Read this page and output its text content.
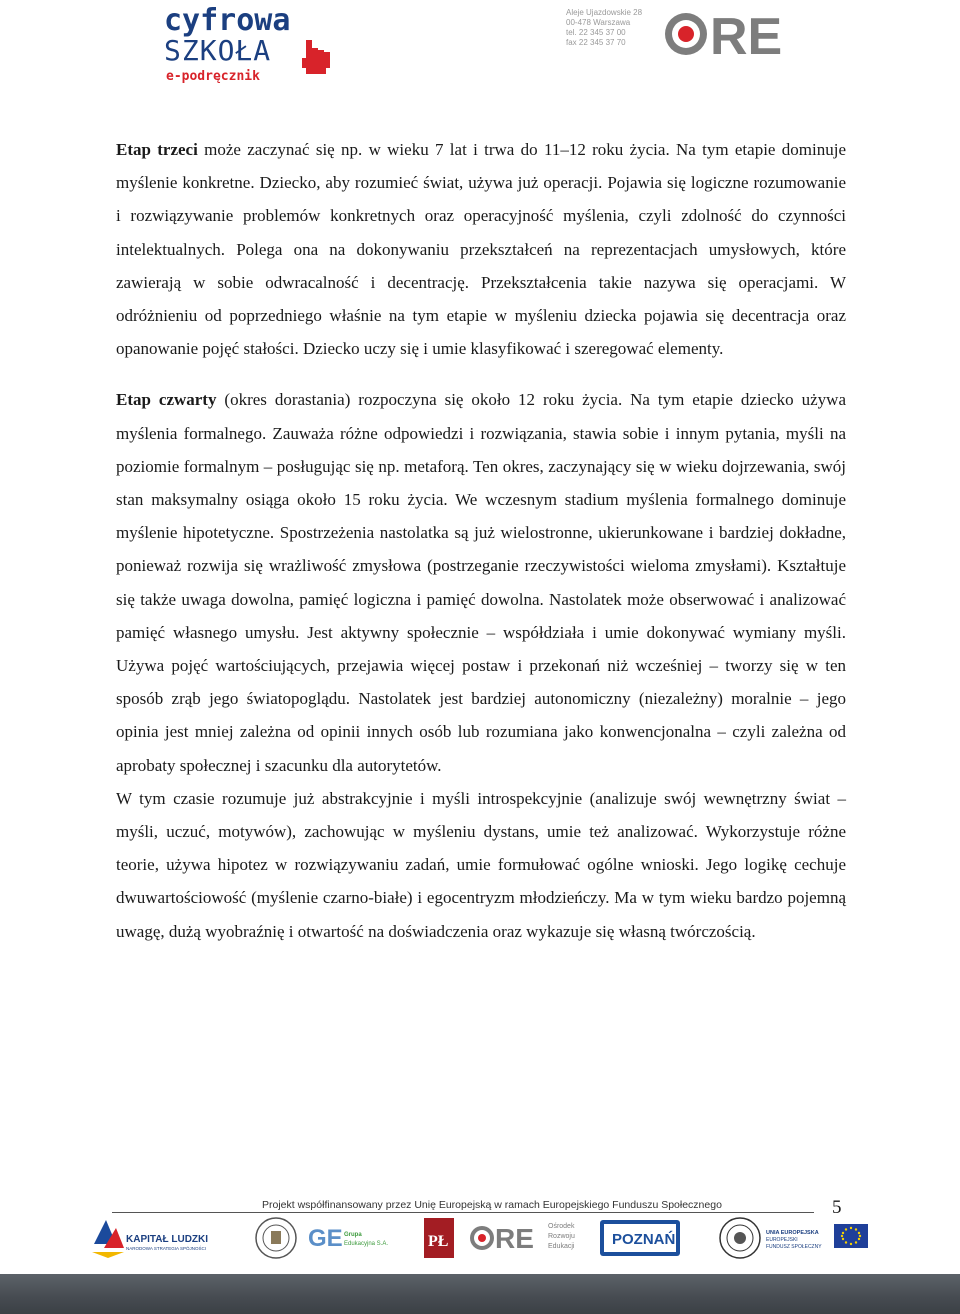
cyfrowa
SZKOŁA
e-podręcznik
Aleje Ujazdowskie 28
00-478 Warszawa
tel. 22 345 37 00
fax 22 345 37 70	RE

Etap trzeci może zaczynać się np. w wieku 7 lat i trwa do 11–12 roku życia. Na tym etapie dominuje myślenie konkretne. Dziecko, aby rozumieć świat, używa już operacji. Pojawia się logiczne rozumowanie i rozwiązywanie problemów konkretnych oraz operacyjność myślenia, czyli zdolność do czynności intelektualnych. Polega ona na dokonywaniu przekształceń na reprezentacjach umysłowych, które zawierają w sobie odwracalność i decentrację. Przekształcenia takie nazywa się operacjami. W odróżnieniu od poprzedniego właśnie na tym etapie w myśleniu dziecka pojawia się decentracja oraz opanowanie pojęć stałości. Dziecko uczy się i umie klasyfikować i szeregować elementy.

Etap czwarty (okres dorastania) rozpoczyna się około 12 roku życia. Na tym etapie dziecko używa myślenia formalnego. Zauważa różne odpowiedzi i rozwiązania, stawia sobie i innym pytania, myśli na poziomie formalnym – posługując się np. metaforą. Ten okres, zaczynający się w wieku dojrzewania, swój stan maksymalny osiąga około 15 roku życia. We wczesnym stadium myślenia formalnego dominuje myślenie hipotetyczne. Spostrzeżenia nastolatka są już wielostronne, ukierunkowane i bardziej dokładne, ponieważ rozwija się wrażliwość zmysłowa (postrzeganie rzeczywistości wieloma zmysłami). Kształtuje się także uwaga dowolna, pamięć logiczna i pamięć dowolna. Nastolatek może obserwować i analizować pamięć własnego umysłu. Jest aktywny społecznie – współdziała i umie dokonywać wymiany myśli. Używa pojęć wartościujących, przejawia więcej postaw i przekonań niż wcześniej – tworzy się w ten sposób zrąb jego światopoglądu. Nastolatek jest bardziej autonomiczny (niezależny) moralnie – jego opinia jest mniej zależna od opinii innych osób lub rozumiana jako konwencjonalna – czyli zależna od aprobaty społecznej i szacunku dla autorytetów.

W tym czasie rozumuje już abstrakcyjnie i myśli introspekcyjnie (analizuje swój wewnętrzny świat – myśli, uczuć, motywów), zachowując w myśleniu dystans, umie też analizować. Wykorzystuje różne teorie, używa hipotez w rozwiązywaniu zadań, umie formułować ogólne wnioski. Jego logikę cechuje dwuwartościowość (myślenie czarno-białe) i egocentryzm młodzieńczy. Ma w tym wieku bardzo pojemną uwagę, dużą wyobraźnię i otwartość na doświadczenia oraz wykazuje się własną twórczością.

Projekt współfinansowany przez Unię Europejską w ramach Europejskiego Funduszu Społecznego	5
KAPITAŁ LUDZKI
NARODOWA STRATEGIA SPÓJNOŚCI	GE Grupa
Edukacyjna S.A. PŁ RE Ośrodek
Rozwoju
Edukacji	POZNAŃ	UNIA EUROPEJSKA
EUROPEJSKI
FUNDUSZ SPOŁECZNY
